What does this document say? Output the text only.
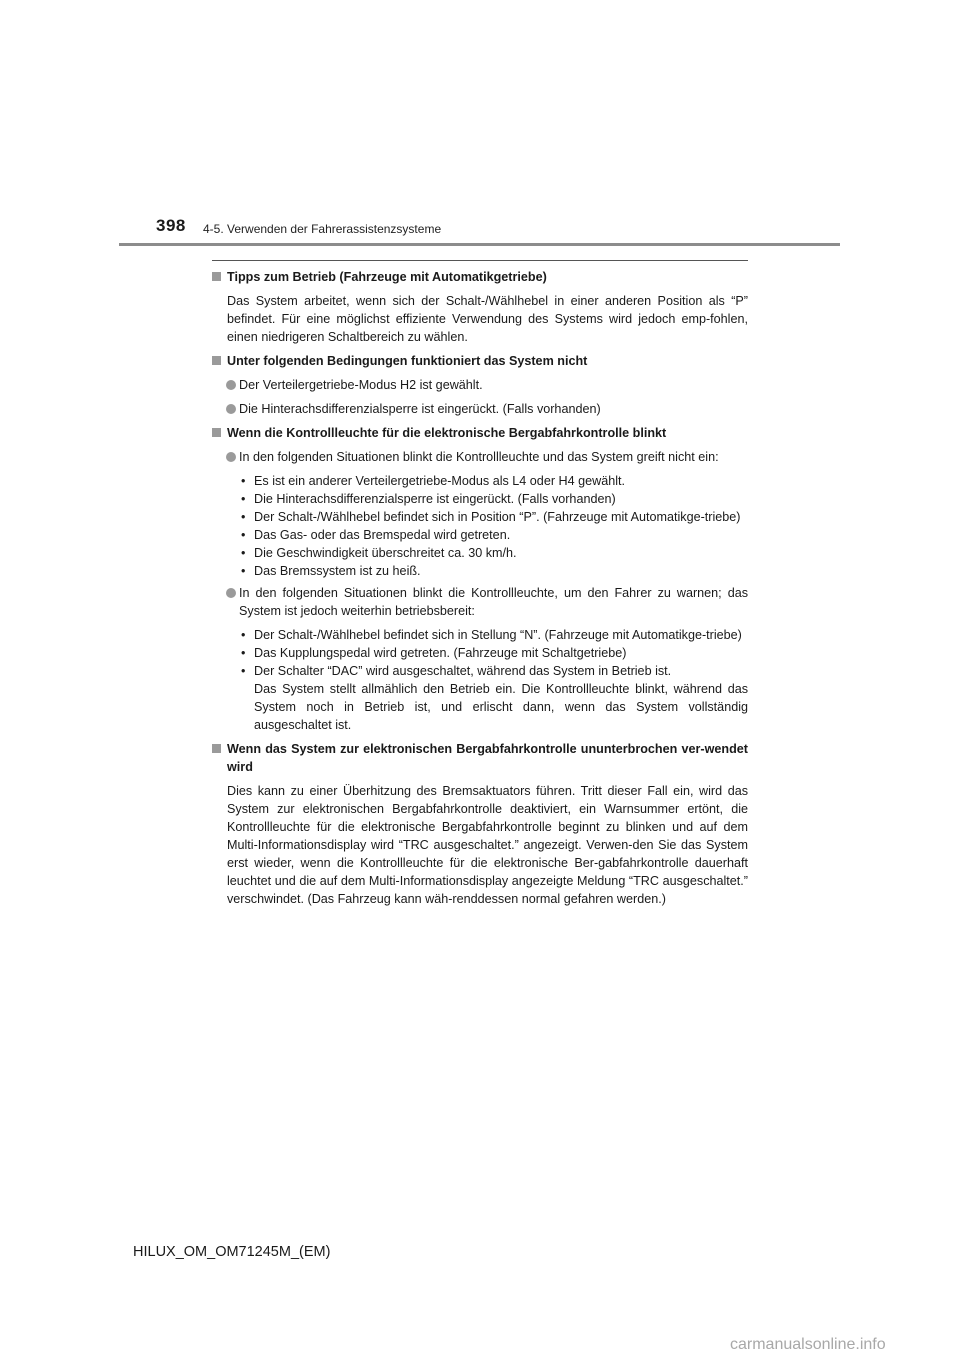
398 4-5. Verwenden der Fahrerassistenzsysteme
Tipps zum Betrieb (Fahrzeuge mit Automatikgetriebe)
Das System arbeitet, wenn sich der Schalt-/Wählhebel in einer anderen Position als “P” befindet. Für eine möglichst effiziente Verwendung des Systems wird jedoch emp-fohlen, einen niedrigeren Schaltbereich zu wählen.
Unter folgenden Bedingungen funktioniert das System nicht
Der Verteilergetriebe-Modus H2 ist gewählt.
Die Hinterachsdifferenzialsperre ist eingerückt. (Falls vorhanden)
Wenn die Kontrollleuchte für die elektronische Bergabfahrkontrolle blinkt
In den folgenden Situationen blinkt die Kontrollleuchte und das System greift nicht ein:
• Es ist ein anderer Verteilergetriebe-Modus als L4 oder H4 gewählt.
• Die Hinterachsdifferenzialsperre ist eingerückt. (Falls vorhanden)
• Der Schalt-/Wählhebel befindet sich in Position “P”. (Fahrzeuge mit Automatikge-triebe)
• Das Gas- oder das Bremspedal wird getreten.
• Die Geschwindigkeit überschreitet ca. 30 km/h.
• Das Bremssystem ist zu heiß.
In den folgenden Situationen blinkt die Kontrollleuchte, um den Fahrer zu warnen; das System ist jedoch weiterhin betriebsbereit:
• Der Schalt-/Wählhebel befindet sich in Stellung “N”. (Fahrzeuge mit Automatikge-triebe)
• Das Kupplungspedal wird getreten. (Fahrzeuge mit Schaltgetriebe)
• Der Schalter “DAC” wird ausgeschaltet, während das System in Betrieb ist.
Das System stellt allmählich den Betrieb ein. Die Kontrollleuchte blinkt, während das System noch in Betrieb ist, und erlischt dann, wenn das System vollständig ausgeschaltet ist.
Wenn das System zur elektronischen Bergabfahrkontrolle ununterbrochen ver-wendet wird
Dies kann zu einer Überhitzung des Bremsaktuators führen. Tritt dieser Fall ein, wird das System zur elektronischen Bergabfahrkontrolle deaktiviert, ein Warnsummer ertönt, die Kontrollleuchte für die elektronische Bergabfahrkontrolle beginnt zu blinken und auf dem Multi-Informationsdisplay wird “TRC ausgeschaltet.” angezeigt. Verwen-den Sie das System erst wieder, wenn die Kontrollleuchte für die elektronische Ber-gabfahrkontrolle dauerhaft leuchtet und die auf dem Multi-Informationsdisplay angezeigte Meldung “TRC ausgeschaltet.” verschwindet. (Das Fahrzeug kann wäh-renddessen normal gefahren werden.)
HILUX_OM_OM71245M_(EM)
carmanualsonline.info
